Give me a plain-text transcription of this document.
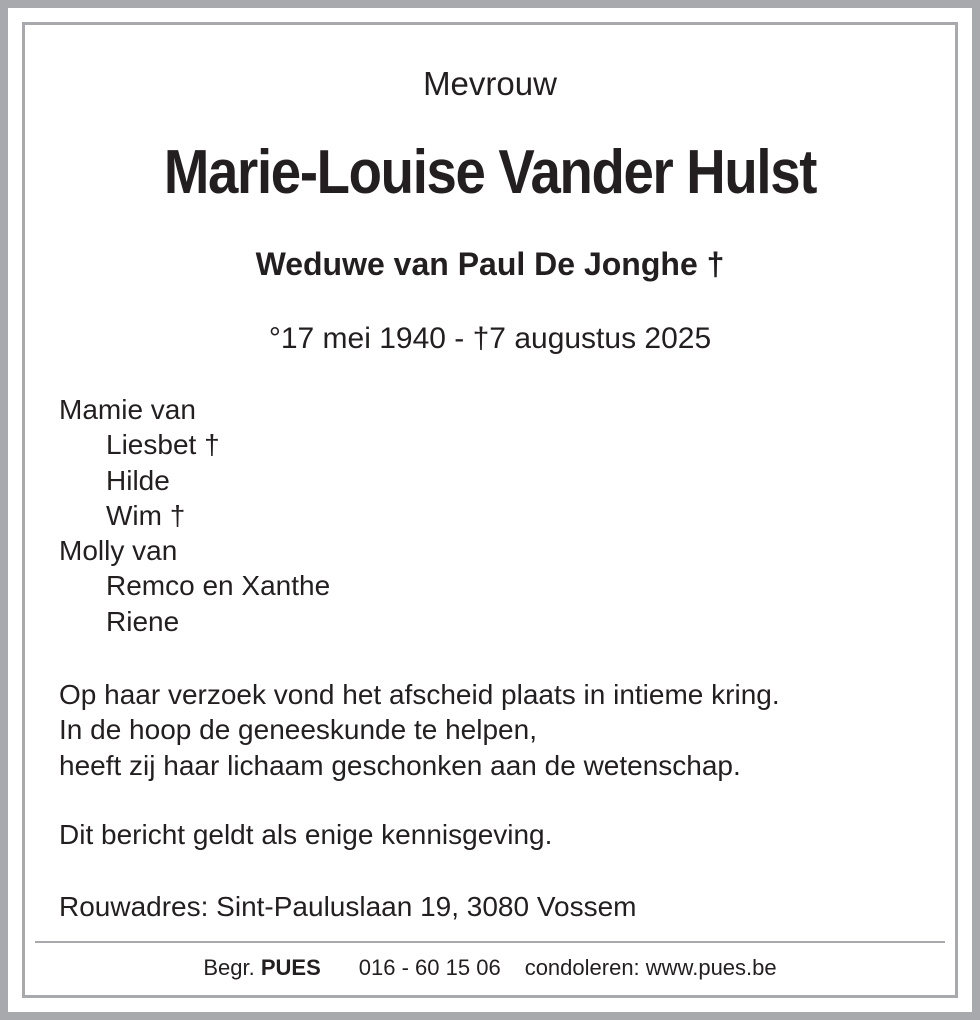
Mevrouw
Marie-Louise Vander Hulst
Weduwe van Paul De Jonghe †
°17 mei 1940 - †7 augustus 2025
Mamie van
Liesbet †
Hilde
Wim †
Molly van
Remco en Xanthe
Riene
Op haar verzoek vond het afscheid plaats in intieme kring.
In de hoop de geneeskunde te helpen,
heeft zij haar lichaam geschonken aan de wetenschap.
Dit bericht geldt als enige kennisgeving.
Rouwadres: Sint-Pauluslaan 19, 3080 Vossem
Begr. PUES 016 - 60 15 06 condoleren: www.pues.be
